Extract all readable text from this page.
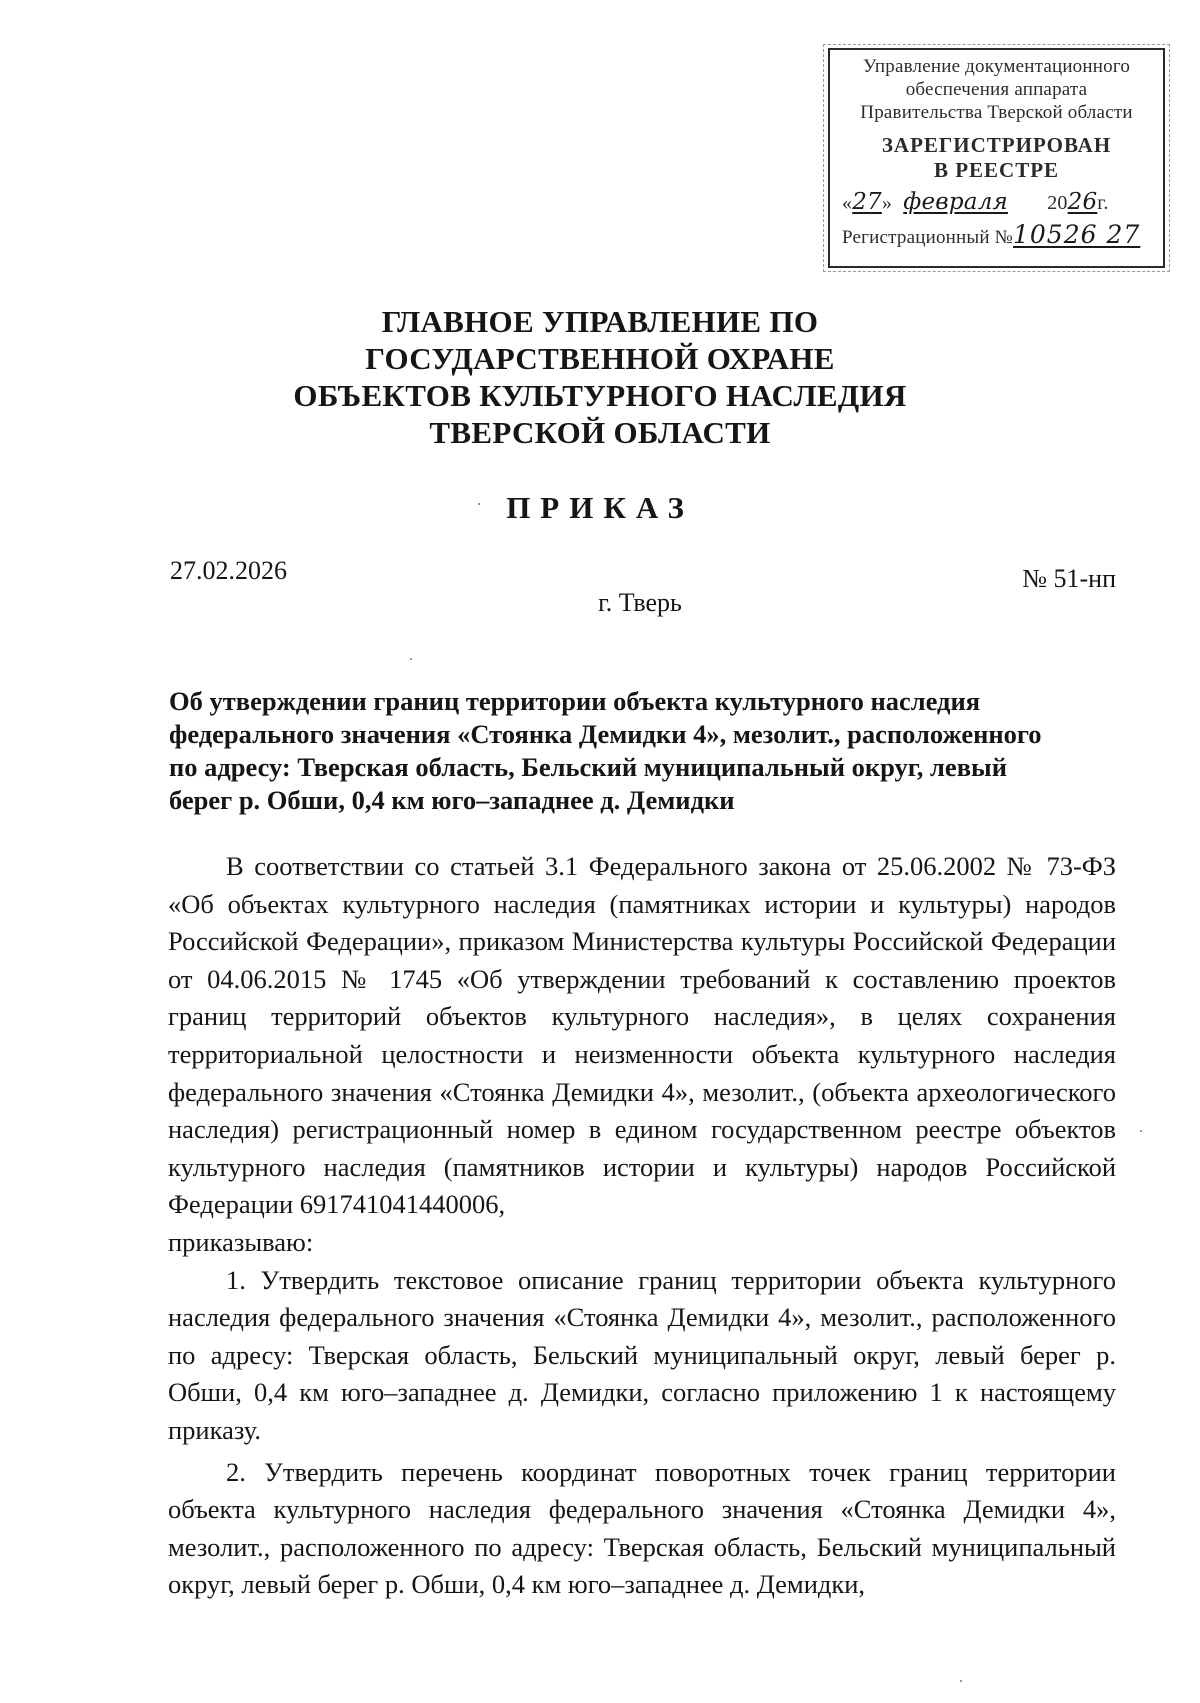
Управление документационного
обеспечения аппарата
Правительства Тверской области
ЗАРЕГИСТРИРОВАН
В РЕЕСТРЕ
«27» февраля 2026г.
Регистрационный №10526 27
ГЛАВНОЕ УПРАВЛЕНИЕ ПО
ГОСУДАРСТВЕННОЙ ОХРАНЕ
ОБЪЕКТОВ КУЛЬТУРНОГО НАСЛЕДИЯ
ТВЕРСКОЙ ОБЛАСТИ
ПРИКАЗ
27.02.2026	№ 51-нп
г. Тверь
Об утверждении границ территории объекта культурного наследия
федерального значения «Стоянка Демидки 4», мезолит., расположенного
по адресу: Тверская область, Бельский муниципальный округ, левый
берег р. Обши, 0,4 км юго–западнее д. Демидки

В соответствии со статьей 3.1 Федерального закона от 25.06.2002 № 73-ФЗ «Об объектах культурного наследия (памятниках истории и культуры) народов Российской Федерации», приказом Министерства культуры Российской Федерации от 04.06.2015 № 1745 «Об утверждении требований к составлению проектов границ территорий объектов культурного наследия», в целях сохранения территориальной целостности и неизменности объекта культурного наследия федерального значения «Стоянка Демидки 4», мезолит., (объекта археологического наследия) регистрационный номер в едином государственном реестре объектов культурного наследия (памятников истории и культуры) народов Российской Федерации 691741041440006,

приказываю:

1. Утвердить текстовое описание границ территории объекта культурного наследия федерального значения «Стоянка Демидки 4», мезолит., расположенного по адресу: Тверская область, Бельский муниципальный округ, левый берег р. Обши, 0,4 км юго–западнее д. Демидки, согласно приложению 1 к настоящему приказу.

2. Утвердить перечень координат поворотных точек границ территории объекта культурного наследия федерального значения «Стоянка Демидки 4», мезолит., расположенного по адресу: Тверская область, Бельский муниципальный округ, левый берег р. Обши, 0,4 км юго–западнее д. Демидки,
